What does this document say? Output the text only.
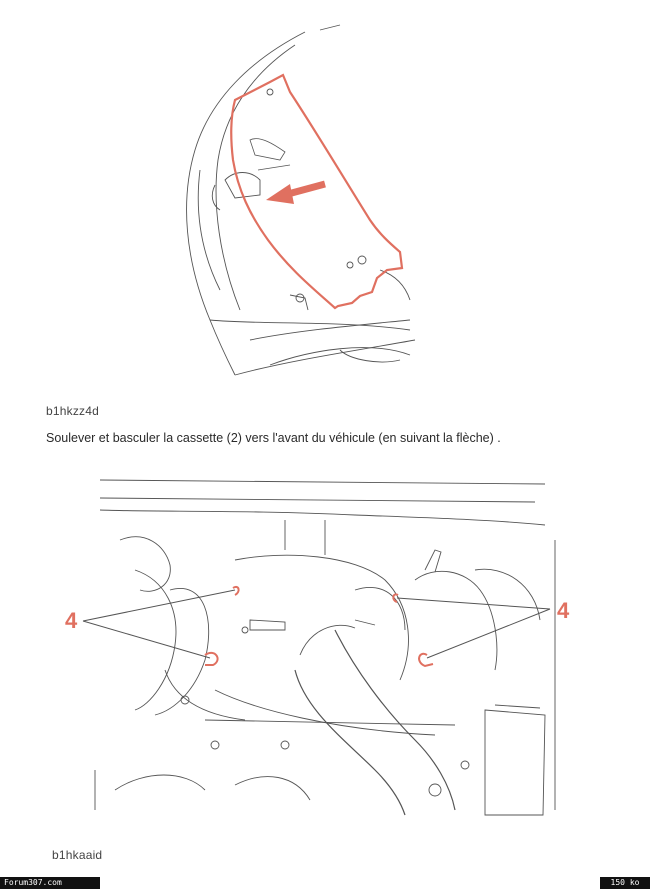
b1hkzz4d
Soulever et basculer la cassette (2) vers l'avant du véhicule (en suivant la flèche) .
4	4
b1hkaaid
Forum307.com	150 ko
